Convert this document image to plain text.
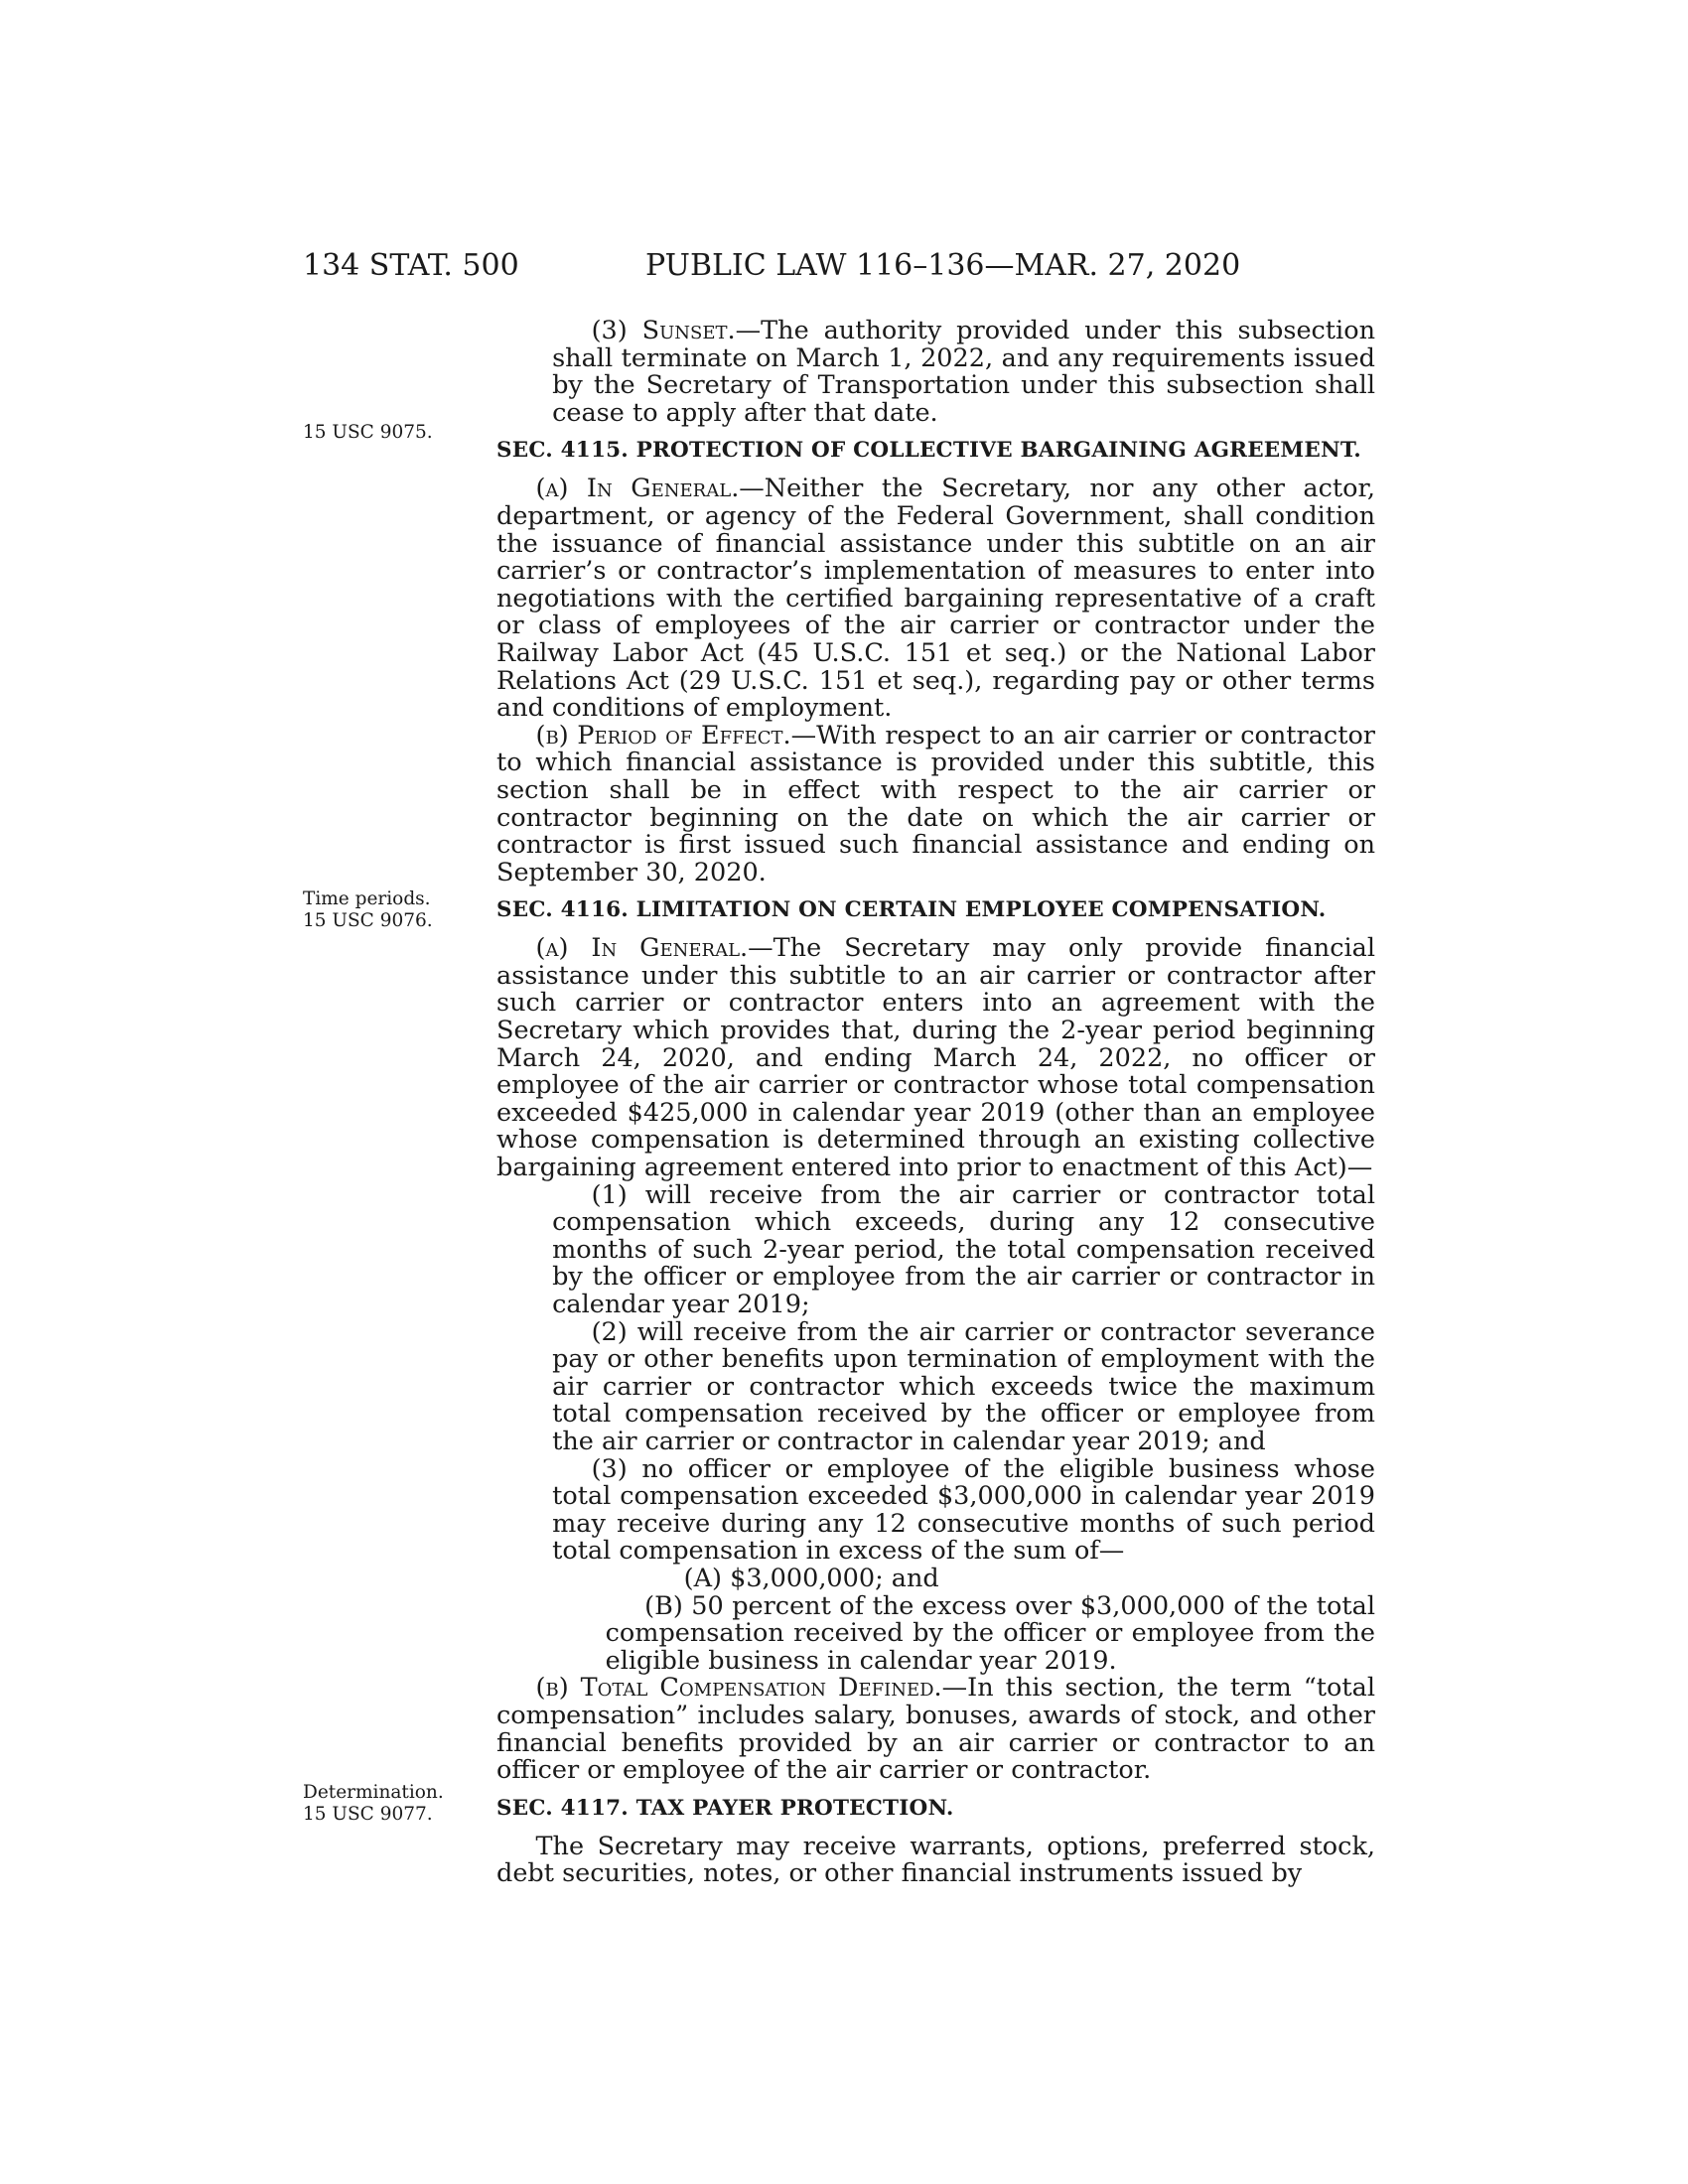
134 STAT. 500	PUBLIC LAW 116–136—MAR. 27, 2020
15 USC 9075.
Time periods.
15 USC 9076.
Determination.
15 USC 9077.

(3) Sunset.—The authority provided under this subsection shall terminate on March 1, 2022, and any requirements issued by the Secretary of Transportation under this subsection shall cease to apply after that date.

SEC. 4115. PROTECTION OF COLLECTIVE BARGAINING AGREEMENT.

(a) In General.—Neither the Secretary, nor any other actor, department, or agency of the Federal Government, shall condition the issuance of financial assistance under this subtitle on an air carrier’s or contractor’s implementation of measures to enter into negotiations with the certified bargaining representative of a craft or class of employees of the air carrier or contractor under the Railway Labor Act (45 U.S.C. 151 et seq.) or the National Labor Relations Act (29 U.S.C. 151 et seq.), regarding pay or other terms and conditions of employment.

(b) Period of Effect.—With respect to an air carrier or contractor to which financial assistance is provided under this subtitle, this section shall be in effect with respect to the air carrier or contractor beginning on the date on which the air carrier or contractor is first issued such financial assistance and ending on September 30, 2020.

SEC. 4116. LIMITATION ON CERTAIN EMPLOYEE COMPENSATION.

(a) In General.—The Secretary may only provide financial assistance under this subtitle to an air carrier or contractor after such carrier or contractor enters into an agreement with the Secretary which provides that, during the 2-year period beginning March 24, 2020, and ending March 24, 2022, no officer or employee of the air carrier or contractor whose total compensation exceeded $425,000 in calendar year 2019 (other than an employee whose compensation is determined through an existing collective bargaining agreement entered into prior to enactment of this Act)—

(1) will receive from the air carrier or contractor total compensation which exceeds, during any 12 consecutive months of such 2-year period, the total compensation received by the officer or employee from the air carrier or contractor in calendar year 2019;

(2) will receive from the air carrier or contractor severance pay or other benefits upon termination of employment with the air carrier or contractor which exceeds twice the maximum total compensation received by the officer or employee from the air carrier or contractor in calendar year 2019; and

(3) no officer or employee of the eligible business whose total compensation exceeded $3,000,000 in calendar year 2019 may receive during any 12 consecutive months of such period total compensation in excess of the sum of—

(A) $3,000,000; and

(B) 50 percent of the excess over $3,000,000 of the total compensation received by the officer or employee from the eligible business in calendar year 2019.

(b) Total Compensation Defined.—In this section, the term “total compensation” includes salary, bonuses, awards of stock, and other financial benefits provided by an air carrier or contractor to an officer or employee of the air carrier or contractor.

SEC. 4117. TAX PAYER PROTECTION.

The Secretary may receive warrants, options, preferred stock, debt securities, notes, or other financial instruments issued by
